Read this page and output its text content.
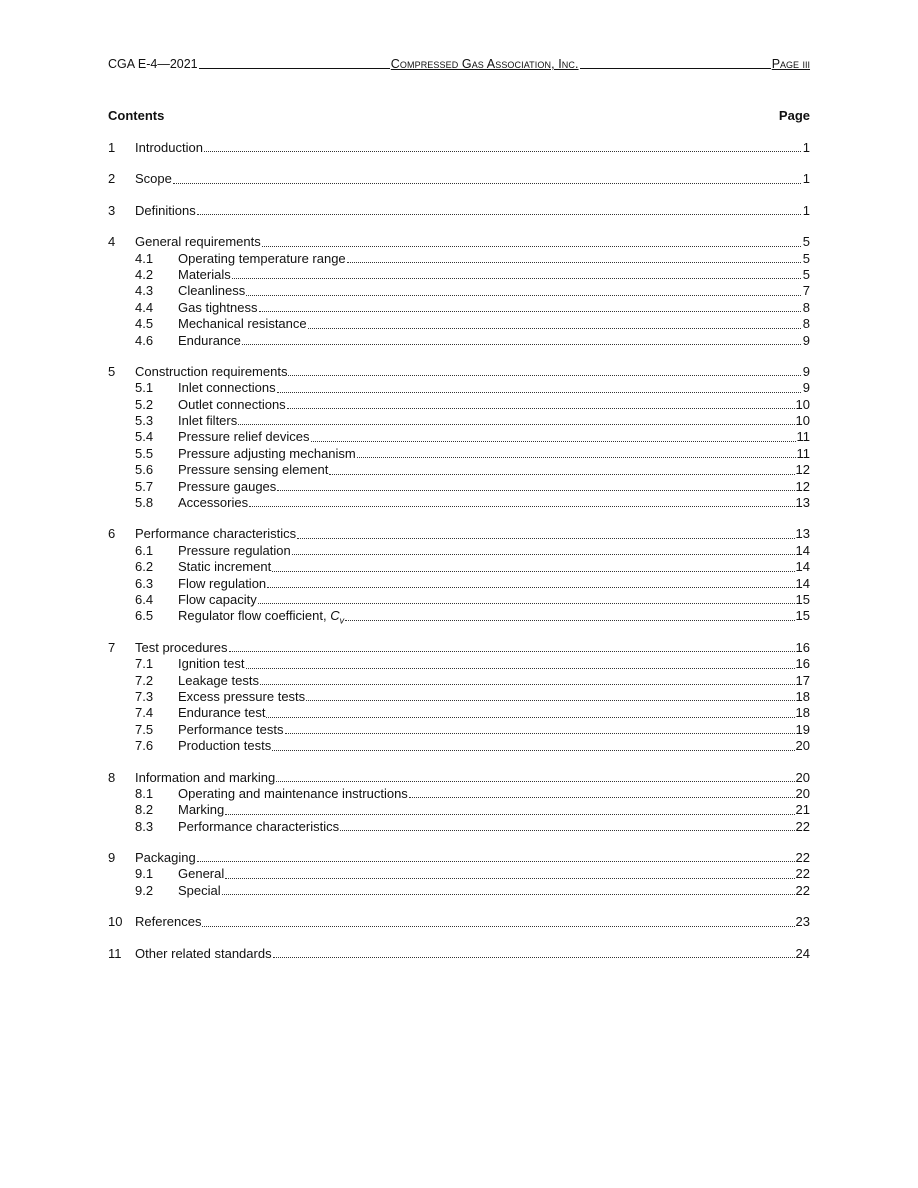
CGA E-4—2021	Compressed Gas Association, Inc.	Page iii
Contents	Page
1	Introduction	1
2	Scope	1
3	Definitions	1
4	General requirements	5
4.1	Operating temperature range	5
4.2	Materials	5
4.3	Cleanliness	7
4.4	Gas tightness	8
4.5	Mechanical resistance	8
4.6	Endurance	9
5	Construction requirements	9
5.1	Inlet connections	9
5.2	Outlet connections	10
5.3	Inlet filters	10
5.4	Pressure relief devices	11
5.5	Pressure adjusting mechanism	11
5.6	Pressure sensing element	12
5.7	Pressure gauges	12
5.8	Accessories	13
6	Performance characteristics	13
6.1	Pressure regulation	14
6.2	Static increment	14
6.3	Flow regulation	14
6.4	Flow capacity	15
6.5	Regulator flow coefficient, $C_v$	15
7	Test procedures	16
7.1	Ignition test	16
7.2	Leakage tests	17
7.3	Excess pressure tests	18
7.4	Endurance test	18
7.5	Performance tests	19
7.6	Production tests	20
8	Information and marking	20
8.1	Operating and maintenance instructions	20
8.2	Marking	21
8.3	Performance characteristics	22
9	Packaging	22
9.1	General	22
9.2	Special	22
10 References	23
11	Other related standards	24
